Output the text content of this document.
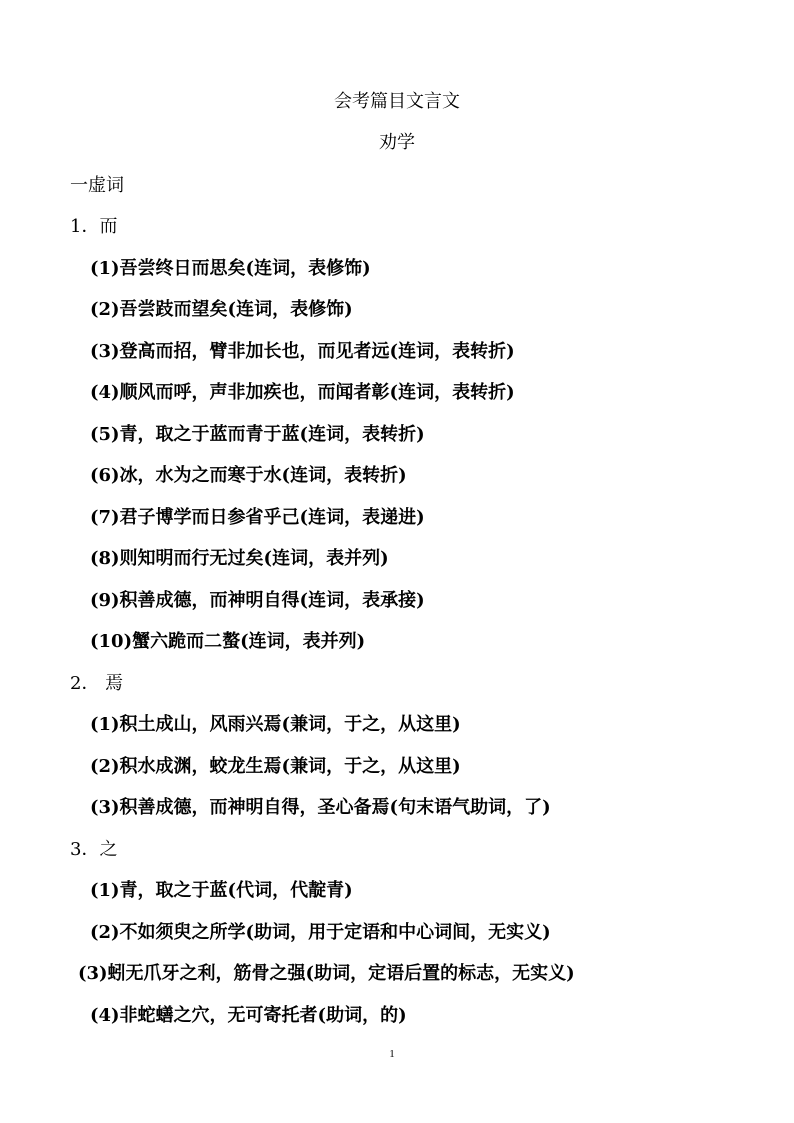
会考篇目文言文
劝学
一虚词
1．而
(1)吾尝终日而思矣(连词，表修饰)
(2)吾尝跂而望矣(连词，表修饰)
(3)登高而招，臂非加长也，而见者远(连词，表转折)
(4)顺风而呼，声非加疾也，而闻者彰(连词，表转折)
(5)青，取之于蓝而青于蓝(连词，表转折)
(6)冰，水为之而寒于水(连词，表转折)
(7)君子博学而日参省乎己(连词，表递进)
(8)则知明而行无过矣(连词，表并列)
(9)积善成德，而神明自得(连词，表承接)
(10)蟹六跪而二螯(连词，表并列)
2． 焉
(1)积土成山，风雨兴焉(兼词，于之，从这里)
(2)积水成渊，蛟龙生焉(兼词，于之，从这里)
(3)积善成德，而神明自得，圣心备焉(句末语气助词，了)
3．之
(1)青，取之于蓝(代词，代靛青)
(2)不如须臾之所学(助词，用于定语和中心词间，无实义)
(3)蚓无爪牙之利，筋骨之强(助词，定语后置的标志，无实义)
(4)非蛇蟮之穴，无可寄托者(助词，的)
1
